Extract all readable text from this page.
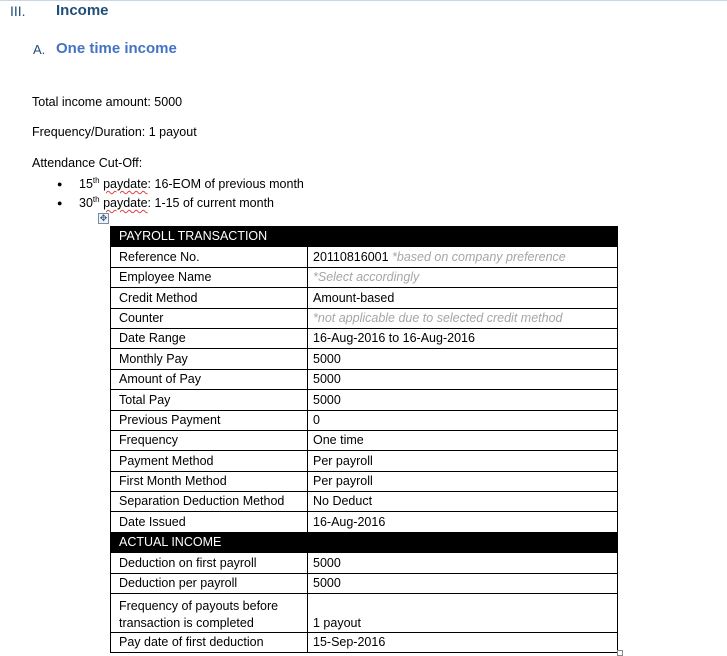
III. Income
A. One time income
Total income amount: 5000
Frequency/Duration: 1 payout
Attendance Cut-Off:
● 15th paydate: 16-EOM of previous month
● 30th paydate: 1-15 of current month
✥
PAYROLL TRANSACTION	
Reference No.	20110816001 *based on company preference
Employee Name	*Select accordingly
Credit Method	Amount-based
Counter	*not applicable due to selected credit method
Date Range	16-Aug-2016 to 16-Aug-2016
Monthly Pay	5000
Amount of Pay	5000
Total Pay	5000
Previous Payment	0
Frequency	One time
Payment Method	Per payroll
First Month Method	Per payroll
Separation Deduction Method	No Deduct
Date Issued	16-Aug-2016
ACTUAL INCOME	
Deduction on first payroll	5000
Deduction per payroll	5000
Frequency of payouts before transaction is completed	1 payout
Pay date of first deduction	15-Sep-2016
